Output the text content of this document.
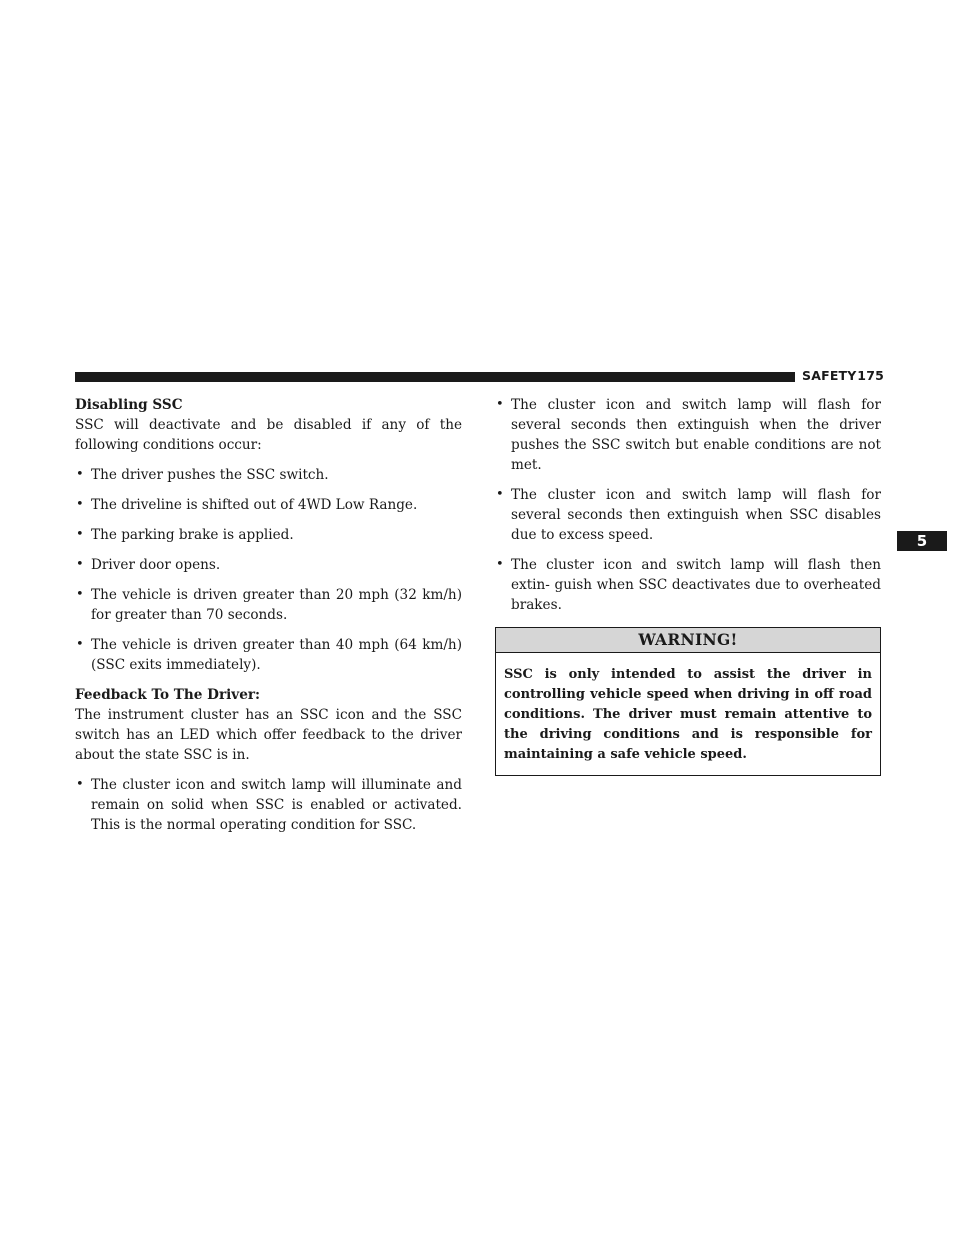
SAFETY 175
5

Disabling SSC

SSC will deactivate and be disabled if any of the following conditions occur:

• The driver pushes the SSC switch.
• The driveline is shifted out of 4WD Low Range.
• The parking brake is applied.
• Driver door opens.
• The vehicle is driven greater than 20 mph (32 km/h) for greater than 70 seconds.
• The vehicle is driven greater than 40 mph (64 km/h) (SSC exits immediately).

Feedback To The Driver:

The instrument cluster has an SSC icon and the SSC switch has an LED which offer feedback to the driver about the state SSC is in.

• The cluster icon and switch lamp will illuminate and remain on solid when SSC is enabled or activated. This is the normal operating condition for SSC.
• The cluster icon and switch lamp will flash for several seconds then extinguish when the driver pushes the SSC switch but enable conditions are not met.
• The cluster icon and switch lamp will flash for several seconds then extinguish when SSC disables due to excess speed.
• The cluster icon and switch lamp will flash then extin- guish when SSC deactivates due to overheated brakes.
WARNING!
SSC is only intended to assist the driver in controlling vehicle speed when driving in off road conditions. The driver must remain attentive to the driving conditions and is responsible for maintaining a safe vehicle speed.
